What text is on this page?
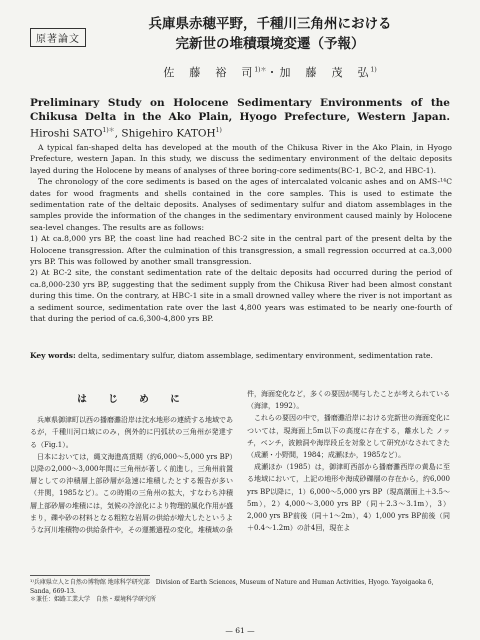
原著論文
兵庫県赤穂平野，千種川三角州における
完新世の堆積環境変遷（予報）
佐　藤　裕　司$^{1)*}$・加　藤　茂　弘$^{1)}$
Preliminary Study on Holocene Sedimentary Environments of the Chikusa Delta in the Ako Plain, Hyogo Prefecture, Western Japan. Hiroshi $SATO^{1)*}$, Shigehiro KATOH$^{1)}$

A typical fan-shaped delta has developed at the mouth of the Chikusa River in the Ako Plain, in Hyogo Prefecture, western Japan. In this study, we discuss the sedimentary environment of the deltaic deposits layed during the Holocene by means of analyses of three boring-core sediments(BC-1, BC-2, and HBC-1).

The chronology of the core sediments is based on the ages of intercalated volcanic ashes and on AMS-¹⁴C dates for wood fragments and shells contained in the core samples. This is used to estimate the sedimentation rate of the deltaic deposits. Analyses of sedimentary sulfur and diatom assemblages in the samples provide the information of the changes in the sedimentary environment caused mainly by Holocene sea-level changes. The results are as follows:

1) At ca.8,000 yrs BP, the coast line had reached BC-2 site in the central part of the present delta by the Holocene transgression. After the culmination of this transgression, a small regression occurred at ca.3,000 yrs BP. This was followed by another small transgression.

2) At BC-2 site, the constant sedimentation rate of the deltaic deposits had occurred during the period of ca.8,000-230 yrs BP, suggesting that the sediment supply from the Chikusa River had been almost constant during this time. On the contrary, at HBC-1 site in a small drowned valley where the river is not important as a sediment source, sedimentation rate over the last 4,800 years was estimated to be nearly one-fourth of that during the period of ca.6,300-4,800 yrs BP.

Key words: delta, sedimentary sulfur, diatom assemblage, sedimentary environment, sedimentation rate.
は　じ　め　に

兵庫県御津町以西の播磨灘沿岸は沈水地形の連続する地域であるが，千種川河口域にのみ，例外的に円弧状の三角州が発達する（Fig.1）。

日本においては，縄文海進高頂期（約6,000〜5,000 yrs BP）以降の2,000〜3,000年間に三角州が著しく前進し，三角州前置層としての沖積層上部砂層が急速に堆積したとする報告が多い（井関，1985など）。この時期の三角州の拡大，すなわち沖積層上部砂層の堆積には，気候の冷涼化により物理的風化作用が盛まり，礫や砂の材料となる粗粒な岩屑の供給が増大したというような河川堆積物の供給条件や，その運搬過程の変化，堆積域の条

件，海面変化など，多くの要因が関与したことが考えられている（海津，1992）。

これらの要因の中で，播磨灘沿岸における完新世の海面変化については，現海面上5m以下の高度に存在する，離水した ノッチ，ベンチ，波蝕洞や海岸段丘を対象として研究がなされてきた（成瀬・小野間，1984；成瀬ほか，1985など）。

成瀬ほか（1985）は，御津町西部から播磨灘西岸の黄島に至る地域において，上記の地形や海成砂礫層の存在から，約6,000 yrs BP以降に，1）6,000〜5,000 yrs BP（現高潮面上＋3.5〜5m），2）4,000〜3,000 yrs BP（同＋2.3〜3.1m），3）2,000 yrs BP前後（同＋1〜2m），4）1,000 yrs BP前後（同＋0.4〜1.2m）の計4回，現在よ

¹⁾兵庫県立人と自然の博物館 地球科学研究部　Division of Earth Sciences, Museum of Nature and Human Activities, Hyogo. Yayoigaoka 6, Sanda, 669-13.

＊兼任：姫路工業大学　自然・環境科学研究所

— 61 —
